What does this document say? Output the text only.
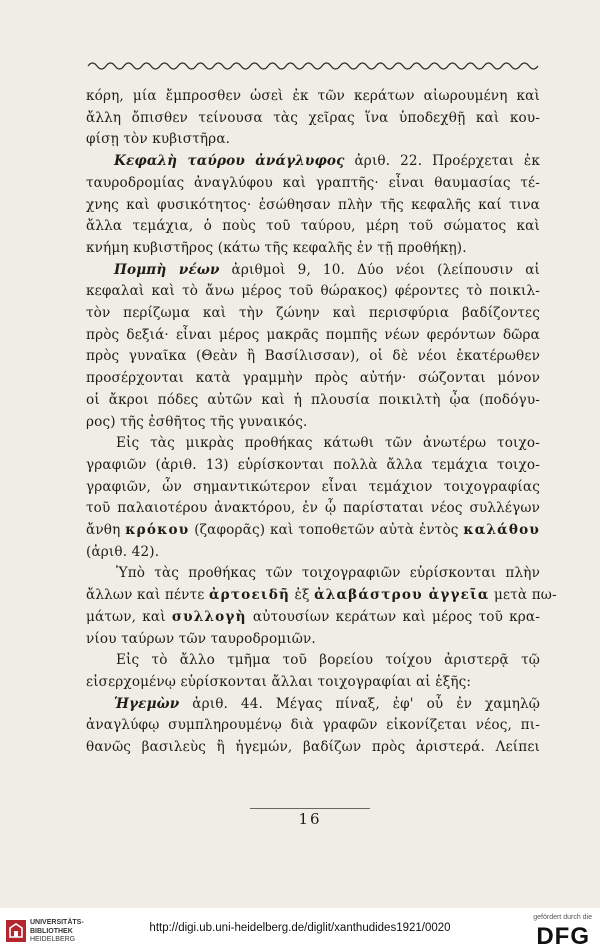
κόρη, μία ἔμπροσθεν ὡσεὶ ἐκ τῶν κεράτων αἰωρουμένη καὶ
ἄλλη ὄπισθεν τείνουσα τὰς χεῖρας ἵνα ὑποδεχθῇ καὶ κου-
φίσῃ τὸν κυβιστῆρα.
Κεφαλὴ ταύρου ἀνάγλυφος ἀριθ. 22. Προέρχεται ἐκ
ταυροδρομίας ἀναγλύφου καὶ γραπτῆς· εἶναι θαυμασίας τέ-
χνης καὶ φυσικότητος· ἐσώθησαν πλὴν τῆς κεφαλῆς καί τινα
ἄλλα τεμάχια, ὁ ποὺς τοῦ ταύρου, μέρη τοῦ σώματος καὶ
κνήμη κυβιστῆρος (κάτω τῆς κεφαλῆς ἐν τῇ προθήκῃ).
Πομπὴ νέων ἀριθμοὶ 9, 10. Δύο νέοι (λείπουσιν αἱ
κεφαλαὶ καὶ τὸ ἄνω μέρος τοῦ θώρακος) φέροντες τὸ ποικιλ-
τὸν περίζωμα καὶ τὴν ζώνην καὶ περισφύρια βαδίζοντες
πρὸς δεξιά· εἶναι μέρος μακρᾶς πομπῆς νέων φερόντων δῶρα
πρὸς γυναῖκα (Θεὰν ἢ Βασίλισσαν), οἱ δὲ νέοι ἑκατέρωθεν
προσέρχονται κατὰ γραμμὴν πρὸς αὐτήν· σώζονται μόνον
οἱ ἄκροι πόδες αὐτῶν καὶ ἡ πλουσία ποικιλτὴ ᾦα (ποδόγυ-
ρος) τῆς ἐσθῆτος τῆς γυναικός.
Εἰς τὰς μικρὰς προθήκας κάτωθι τῶν ἀνωτέρω τοιχο-
γραφιῶν (ἀριθ. 13) εὑρίσκονται πολλὰ ἄλλα τεμάχια τοιχο-
γραφιῶν, ὧν σημαντικώτερον εἶναι τεμάχιον τοιχογραφίας
τοῦ παλαιοτέρου ἀνακτόρου, ἐν ᾧ παρίσταται νέος συλλέγων
ἄνθη κρόκου (ζαφορᾶς) καὶ τοποθετῶν αὐτὰ ἐντὸς καλάθου
(ἀριθ. 42).
Ὑπὸ τὰς προθήκας τῶν τοιχογραφιῶν εὑρίσκονται πλὴν
ἄλλων καὶ πέντε ἀρτοειδῆ ἐξ ἀλαβάστρου ἀγγεῖα μετὰ πω-
μάτων, καὶ συλλογὴ αὐτουσίων κεράτων καὶ μέρος τοῦ κρα-
νίου ταύρων τῶν ταυροδρομιῶν.
Εἰς τὸ ἄλλο τμῆμα τοῦ βορείου τοίχου ἀριστερᾷ τῷ
εἰσερχομένῳ εὑρίσκονται ἄλλαι τοιχογραφίαι αἱ ἑξῆς:
Ἡγεμὼν ἀριθ. 44. Μέγας πίναξ, ἐφ' οὗ ἐν χαμηλῷ
ἀναγλύφῳ συμπληρουμένῳ διὰ γραφῶν εἰκονίζεται νέος, πι-
θανῶς βασιλεὺς ἢ ἡγεμών, βαδίζων πρὸς ἀριστερά. Λείπει
16
UNIVERSITÄTS-
BIBLIOTHEK
HEIDELBERG
http://digi.ub.uni-heidelberg.de/diglit/xanthudides1921/0020
gefördert durch die
DFG
